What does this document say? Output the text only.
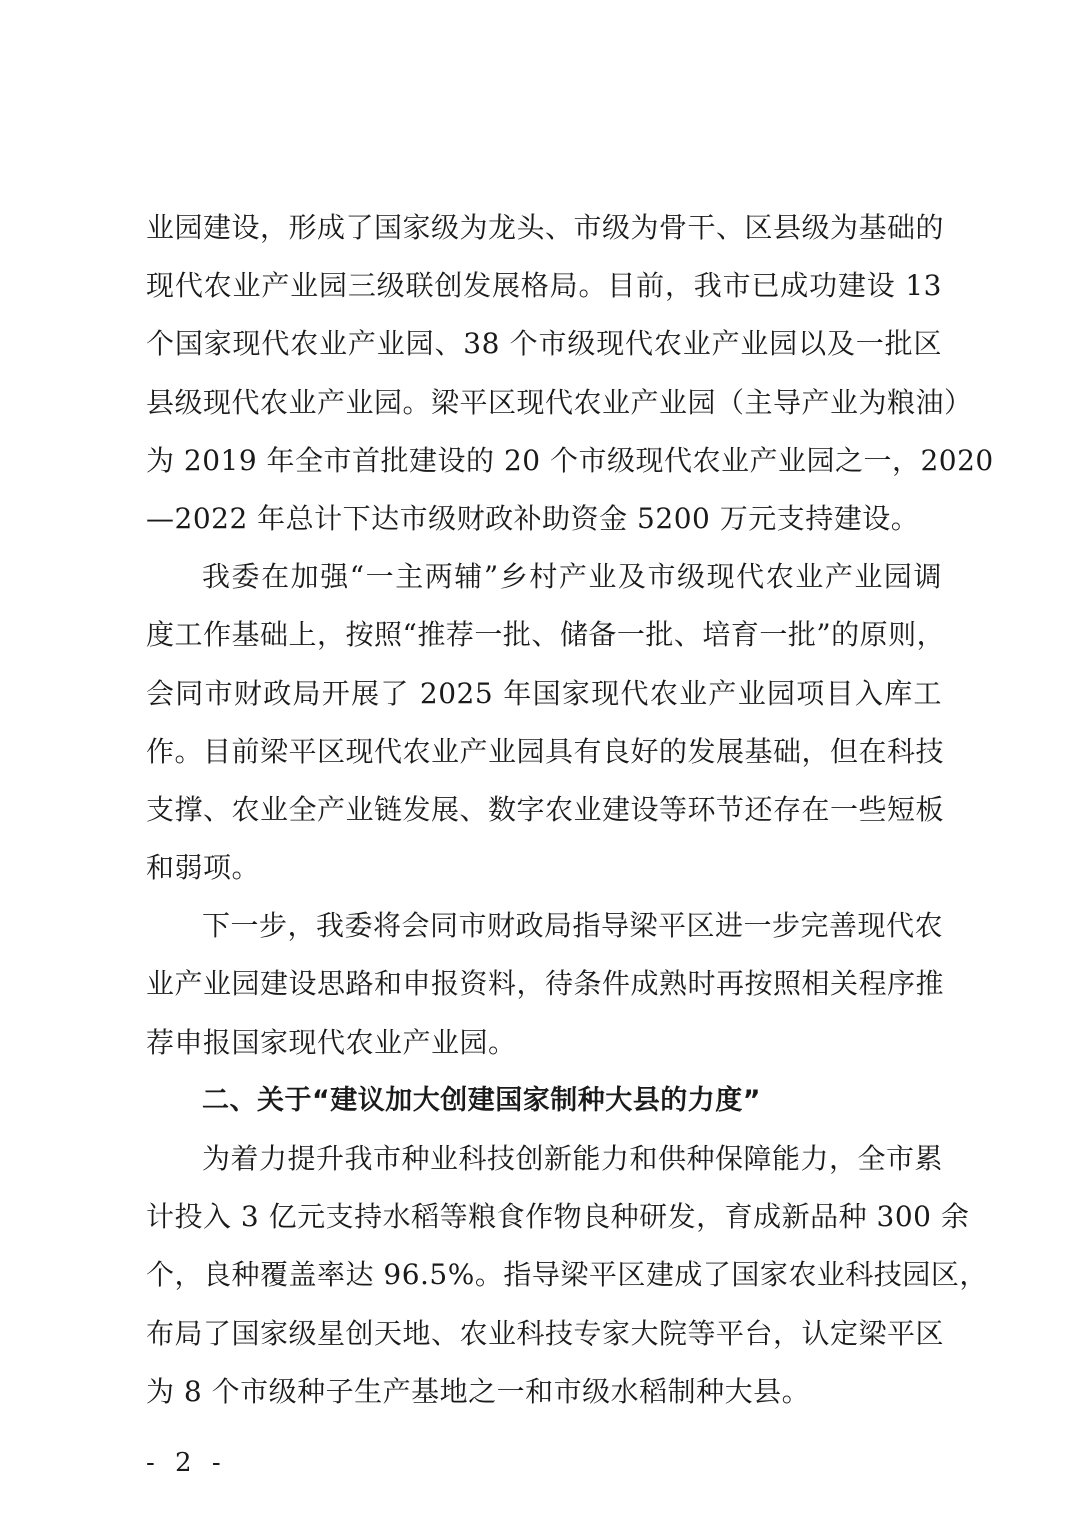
业园建设，形成了国家级为龙头、市级为骨干、区县级为基础的
现代农业产业园三级联创发展格局。目前，我市已成功建设 13
个国家现代农业产业园、38 个市级现代农业产业园以及一批区
县级现代农业产业园。梁平区现代农业产业园（主导产业为粮油）
为 2019 年全市首批建设的 20 个市级现代农业产业园之一，2020
—2022 年总计下达市级财政补助资金 5200 万元支持建设。
我委在加强“一主两辅”乡村产业及市级现代农业产业园调
度工作基础上，按照“推荐一批、储备一批、培育一批”的原则，
会同市财政局开展了 2025 年国家现代农业产业园项目入库工
作。目前梁平区现代农业产业园具有良好的发展基础，但在科技
支撑、农业全产业链发展、数字农业建设等环节还存在一些短板
和弱项。
下一步，我委将会同市财政局指导梁平区进一步完善现代农
业产业园建设思路和申报资料，待条件成熟时再按照相关程序推
荐申报国家现代农业产业园。
二、关于“建议加大创建国家制种大县的力度”
为着力提升我市种业科技创新能力和供种保障能力，全市累
计投入 3 亿元支持水稻等粮食作物良种研发，育成新品种 300 余
个，良种覆盖率达 96.5%。指导梁平区建成了国家农业科技园区，
布局了国家级星创天地、农业科技专家大院等平台，认定梁平区
为 8 个市级种子生产基地之一和市级水稻制种大县。
- 2 -
